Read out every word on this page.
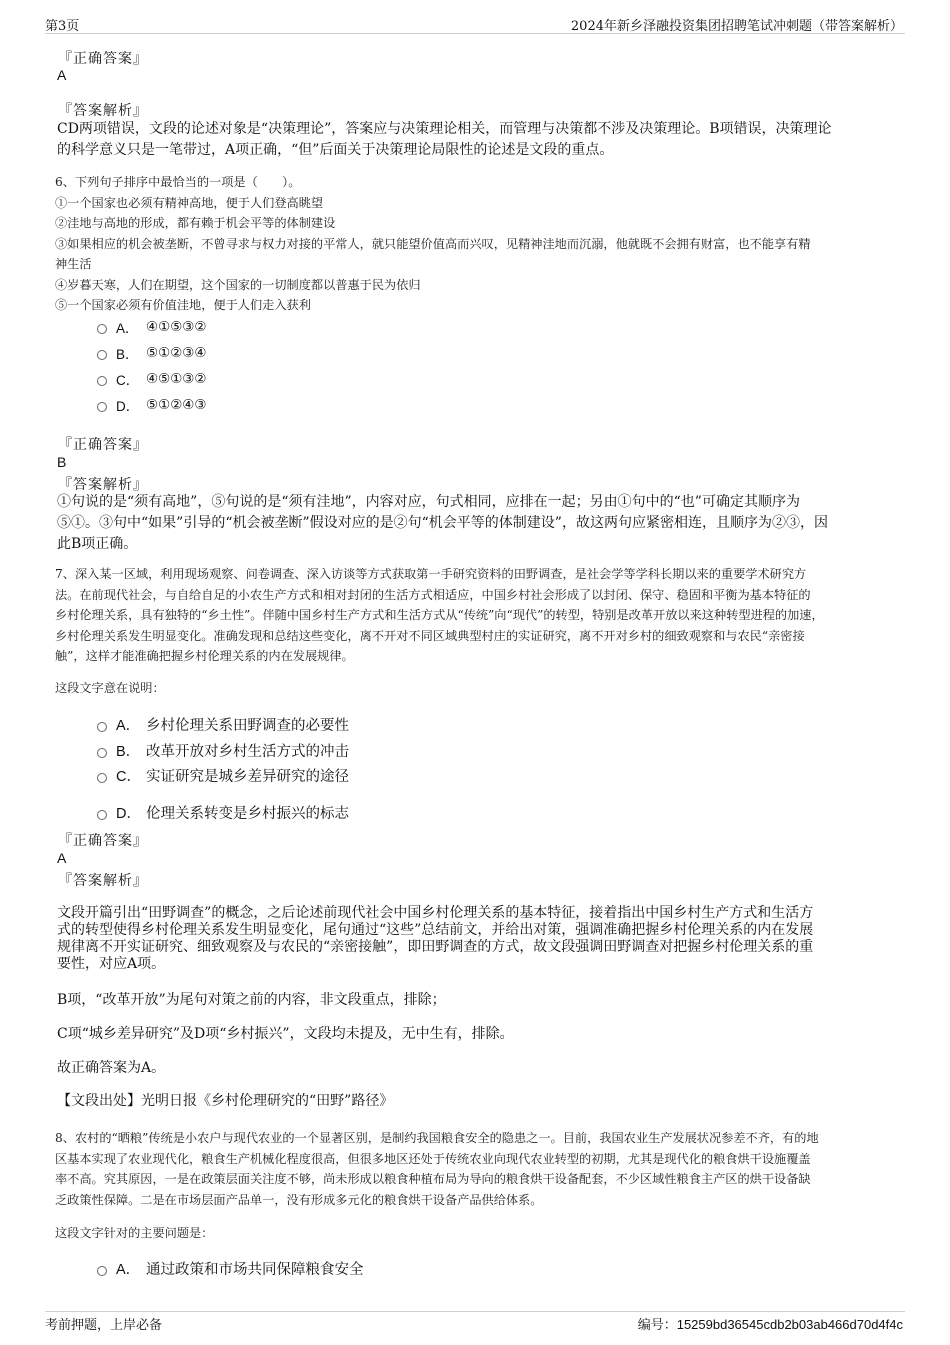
第3页	2024年新乡泽融投资集团招聘笔试冲刺题（带答案解析）
『正确答案』
A
『答案解析』
CD两项错误，文段的论述对象是“决策理论”，答案应与决策理论相关，而管理与决策都不涉及决策理论。B项错误，决策理论
的科学意义只是一笔带过，A项正确，“但”后面关于决策理论局限性的论述是文段的重点。

6、下列句子排序中最恰当的一项是（　　）。

①一个国家也必须有精神高地，便于人们登高眺望

②洼地与高地的形成，都有赖于机会平等的体制建设

③如果相应的机会被垄断，不曾寻求与权力对接的平常人，就只能望价值高而兴叹，见精神洼地而沉溺，他就既不会拥有财富，也不能享有精

神生活

④岁暮天寒，人们在期望，这个国家的一切制度都以普惠于民为依归

⑤一个国家必须有价值洼地，便于人们走入获利

A． ④①⑤③②
B． ⑤①②③④
C． ④⑤①③②
D． ⑤①②④③
『正确答案』
B
『答案解析』
①句说的是“须有高地”，⑤句说的是“须有洼地”，内容对应，句式相同，应排在一起；另由①句中的“也”可确定其顺序为
⑤①。③句中“如果”引导的“机会被垄断”假设对应的是②句“机会平等的体制建设”，故这两句应紧密相连，且顺序为②③，因
此B项正确。

7、深入某一区域，利用现场观察、问卷调查、深入访谈等方式获取第一手研究资料的田野调查，是社会学等学科长期以来的重要学术研究方

法。在前现代社会，与自给自足的小农生产方式和相对封闭的生活方式相适应，中国乡村社会形成了以封闭、保守、稳固和平衡为基本特征的

乡村伦理关系，具有独特的“乡土性”。伴随中国乡村生产方式和生活方式从“传统”向“现代”的转型，特别是改革开放以来这种转型进程的加速，

乡村伦理关系发生明显变化。准确发现和总结这些变化，离不开对不同区域典型村庄的实证研究，离不开对乡村的细致观察和与农民“亲密接

触”，这样才能准确把握乡村伦理关系的内在发展规律。

这段文字意在说明：
A． 乡村伦理关系田野调查的必要性
B． 改革开放对乡村生活方式的冲击
C． 实证研究是城乡差异研究的途径
D． 伦理关系转变是乡村振兴的标志
『正确答案』
A
『答案解析』
文段开篇引出“田野调查”的概念，之后论述前现代社会中国乡村伦理关系的基本特征，接着指出中国乡村生产方式和生活方
式的转型使得乡村伦理关系发生明显变化，尾句通过“这些”总结前文，并给出对策，强调准确把握乡村伦理关系的内在发展
规律离不开实证研究、细致观察及与农民的“亲密接触”，即田野调查的方式，故文段强调田野调查对把握乡村伦理关系的重
要性，对应A项。
B项，“改革开放”为尾句对策之前的内容，非文段重点，排除；
C项“城乡差异研究”及D项“乡村振兴”，文段均未提及，无中生有，排除。
故正确答案为A。
【文段出处】光明日报《乡村伦理研究的“田野”路径》

8、农村的“晒粮”传统是小农户与现代农业的一个显著区别，是制约我国粮食安全的隐患之一。目前，我国农业生产发展状况参差不齐，有的地

区基本实现了农业现代化，粮食生产机械化程度很高，但很多地区还处于传统农业向现代农业转型的初期，尤其是现代化的粮食烘干设施覆盖

率不高。究其原因，一是在政策层面关注度不够，尚未形成以粮食种植布局为导向的粮食烘干设备配套，不少区域性粮食主产区的烘干设备缺

乏政策性保障。二是在市场层面产品单一，没有形成多元化的粮食烘干设备产品供给体系。

这段文字针对的主要问题是：
A． 通过政策和市场共同保障粮食安全
考前押题，上岸必备	编号：15259bd36545cdb2b03ab466d70d4f4c
